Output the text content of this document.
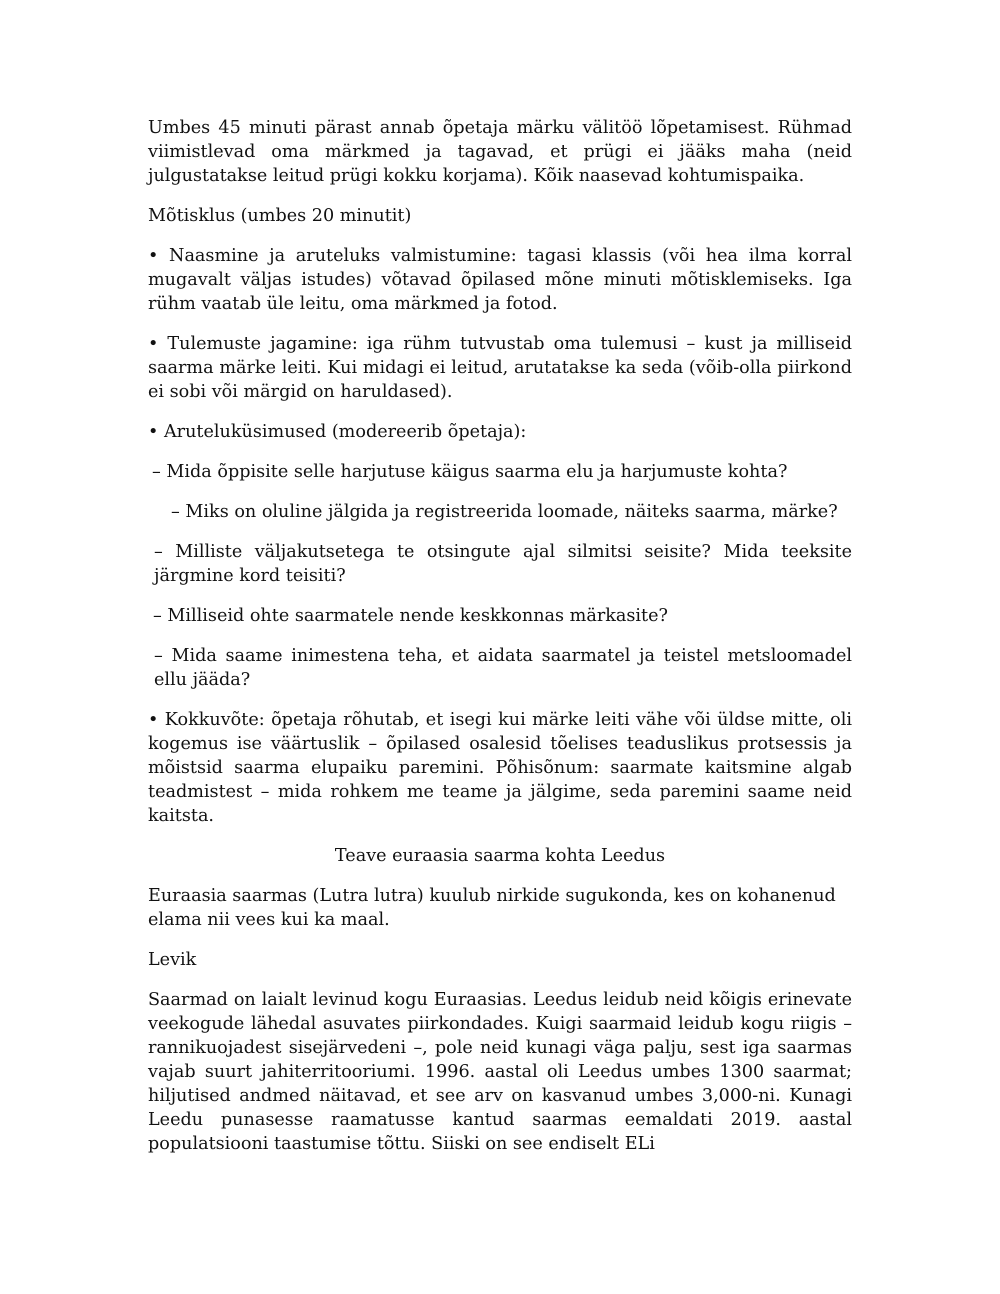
Umbes 45 minuti pärast annab õpetaja märku välitöö lõpetamisest. Rühmad viimistlevad oma märkmed ja tagavad, et prügi ei jääks maha (neid julgustatakse leitud prügi kokku korjama). Kõik naasevad kohtumispaika.

Mõtisklus (umbes 20 minutit)

• Naasmine ja aruteluks valmistumine: tagasi klassis (või hea ilma korral mugavalt väljas istudes) võtavad õpilased mõne minuti mõtisklemiseks. Iga rühm vaatab üle leitu, oma märkmed ja fotod.

• Tulemuste jagamine: iga rühm tutvustab oma tulemusi – kust ja milliseid saarma märke leiti. Kui midagi ei leitud, arutatakse ka seda (võib-olla piirkond ei sobi või märgid on haruldased).

• Aruteluküsimused (modereerib õpetaja):

– Mida õppisite selle harjutuse käigus saarma elu ja harjumuste kohta?

– Miks on oluline jälgida ja registreerida loomade, näiteks saarma, märke?

– Milliste väljakutsetega te otsingute ajal silmitsi seisite? Mida teeksite järgmine kord teisiti?

– Milliseid ohte saarmatele nende keskkonnas märkasite?

– Mida saame inimestena teha, et aidata saarmatel ja teistel metsloomadel ellu jääda?

• Kokkuvõte: õpetaja rõhutab, et isegi kui märke leiti vähe või üldse mitte, oli kogemus ise väärtuslik – õpilased osalesid tõelises teaduslikus protsessis ja mõistsid saarma elupaiku paremini. Põhisõnum: saarmate kaitsmine algab teadmistest – mida rohkem me teame ja jälgime, seda paremini saame neid kaitsta.

Teave euraasia saarma kohta Leedus

Euraasia saarmas (Lutra lutra) kuulub nirkide sugukonda, kes on kohanenud elama nii vees kui ka maal.

Levik

Saarmad on laialt levinud kogu Euraasias. Leedus leidub neid kõigis erinevate veekogude lähedal asuvates piirkondades. Kuigi saarmaid leidub kogu riigis – rannikuojadest sisejärvedeni –, pole neid kunagi väga palju, sest iga saarmas vajab suurt jahiterritooriumi. 1996. aastal oli Leedus umbes 1300 saarmat; hiljutised andmed näitavad, et see arv on kasvanud umbes 3,000-ni. Kunagi Leedu punasesse raamatusse kantud saarmas eemaldati 2019. aastal populatsiooni taastumise tõttu. Siiski on see endiselt ELi
